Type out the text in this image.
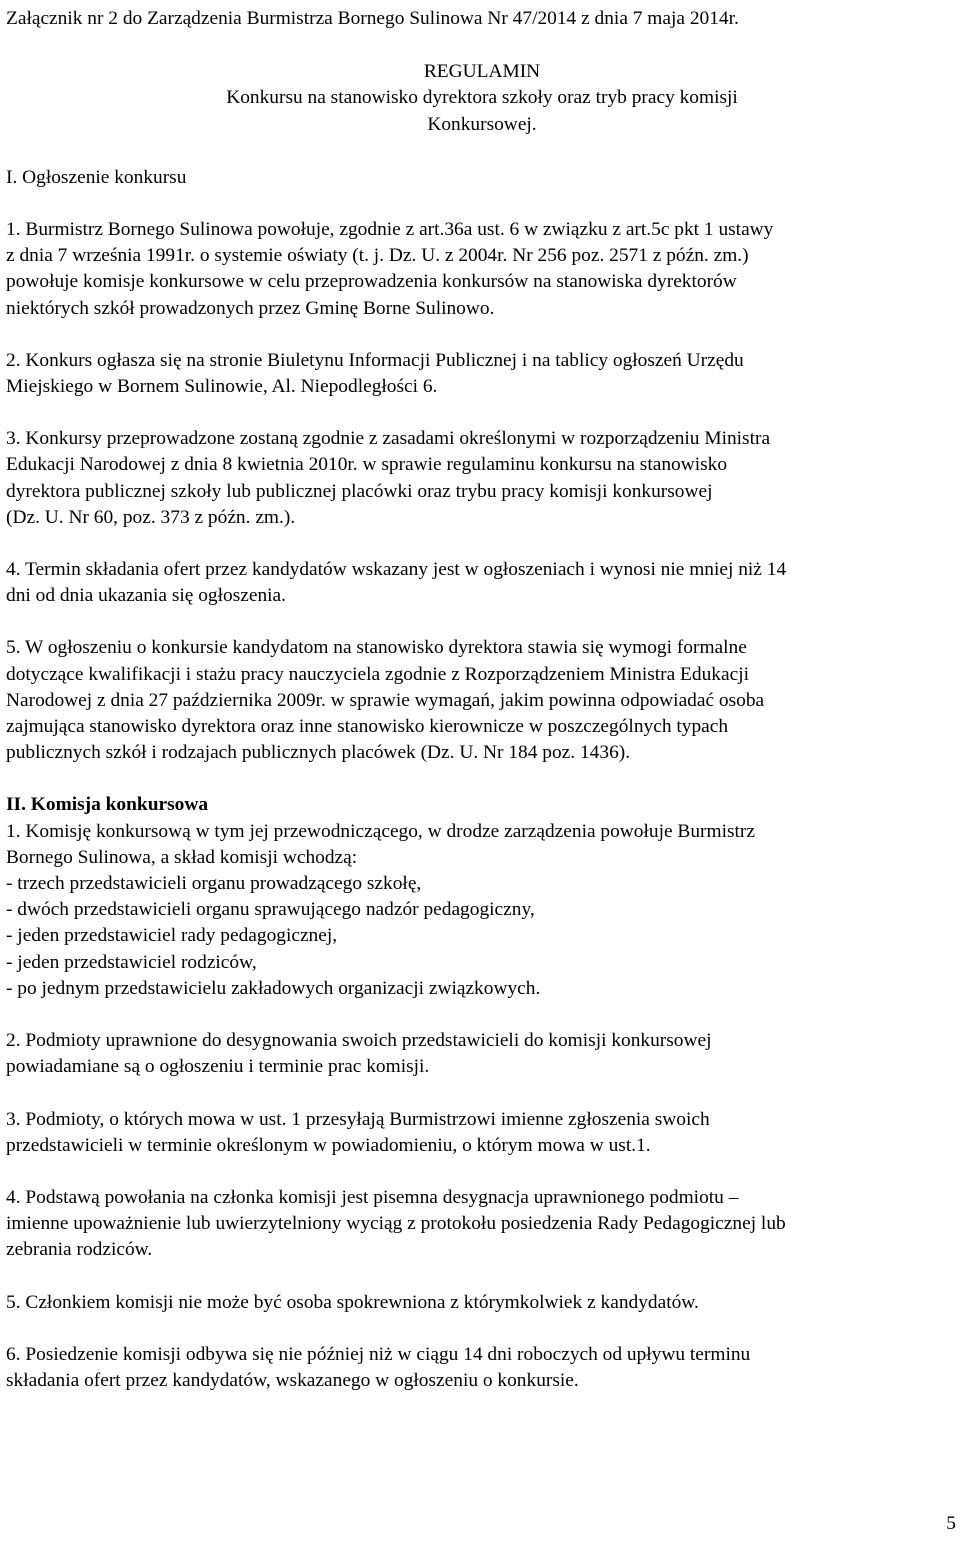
Załącznik nr 2 do Zarządzenia Burmistrza Bornego Sulinowa Nr 47/2014 z dnia 7 maja 2014r.

REGULAMIN
Konkursu na stanowisko dyrektora szkoły oraz tryb pracy komisji
Konkursowej.

I. Ogłoszenie konkursu

1. Burmistrz Bornego Sulinowa powołuje, zgodnie z art.36a ust. 6 w związku z art.5c pkt 1 ustawy
z dnia 7 września 1991r. o systemie oświaty (t. j. Dz. U. z 2004r. Nr 256 poz. 2571 z późn. zm.)
powołuje komisje konkursowe w celu przeprowadzenia konkursów na stanowiska dyrektorów
niektórych szkół prowadzonych przez Gminę Borne Sulinowo.
2. Konkurs ogłasza się na stronie Biuletynu Informacji Publicznej i na tablicy ogłoszeń Urzędu
Miejskiego w Bornem Sulinowie, Al. Niepodległości 6.
3. Konkursy przeprowadzone zostaną zgodnie z zasadami określonymi w rozporządzeniu Ministra
Edukacji Narodowej z dnia 8 kwietnia 2010r. w sprawie regulaminu konkursu na stanowisko
dyrektora publicznej szkoły lub publicznej placówki oraz trybu pracy komisji konkursowej
(Dz. U. Nr 60, poz. 373 z późn. zm.).
4. Termin składania ofert przez kandydatów wskazany jest w ogłoszeniach i wynosi nie mniej niż 14
dni od dnia ukazania się ogłoszenia.
5. W ogłoszeniu o konkursie kandydatom na stanowisko dyrektora stawia się wymogi formalne
dotyczące kwalifikacji i stażu pracy nauczyciela zgodnie z Rozporządzeniem Ministra Edukacji
Narodowej z dnia 27 października 2009r. w sprawie wymagań, jakim powinna odpowiadać osoba
zajmująca stanowisko dyrektora oraz inne stanowisko kierownicze w poszczególnych typach
publicznych szkół i rodzajach publicznych placówek (Dz. U. Nr 184 poz. 1436).

II. Komisja konkursowa

1. Komisję konkursową w tym jej przewodniczącego, w drodze zarządzenia powołuje Burmistrz
Bornego Sulinowa, a skład komisji wchodzą:
- trzech przedstawicieli organu prowadzącego szkołę,
- dwóch przedstawicieli organu sprawującego nadzór pedagogiczny,
- jeden przedstawiciel rady pedagogicznej,
- jeden przedstawiciel rodziców,
- po jednym przedstawicielu zakładowych organizacji związkowych.
2. Podmioty uprawnione do desygnowania swoich przedstawicieli do komisji konkursowej
powiadamiane są o ogłoszeniu i terminie prac komisji.
3. Podmioty, o których mowa w ust. 1 przesyłają Burmistrzowi imienne zgłoszenia swoich
przedstawicieli w terminie określonym w powiadomieniu, o którym mowa w ust.1.
4. Podstawą powołania na członka komisji jest pisemna desygnacja uprawnionego podmiotu –
imienne upoważnienie lub uwierzytelniony wyciąg z protokołu posiedzenia Rady Pedagogicznej lub
zebrania rodziców.
5. Członkiem komisji nie może być osoba spokrewniona z którymkolwiek z kandydatów.
6. Posiedzenie komisji odbywa się nie później niż w ciągu 14 dni roboczych od upływu terminu
składania ofert przez kandydatów, wskazanego w ogłoszeniu o konkursie.
5
